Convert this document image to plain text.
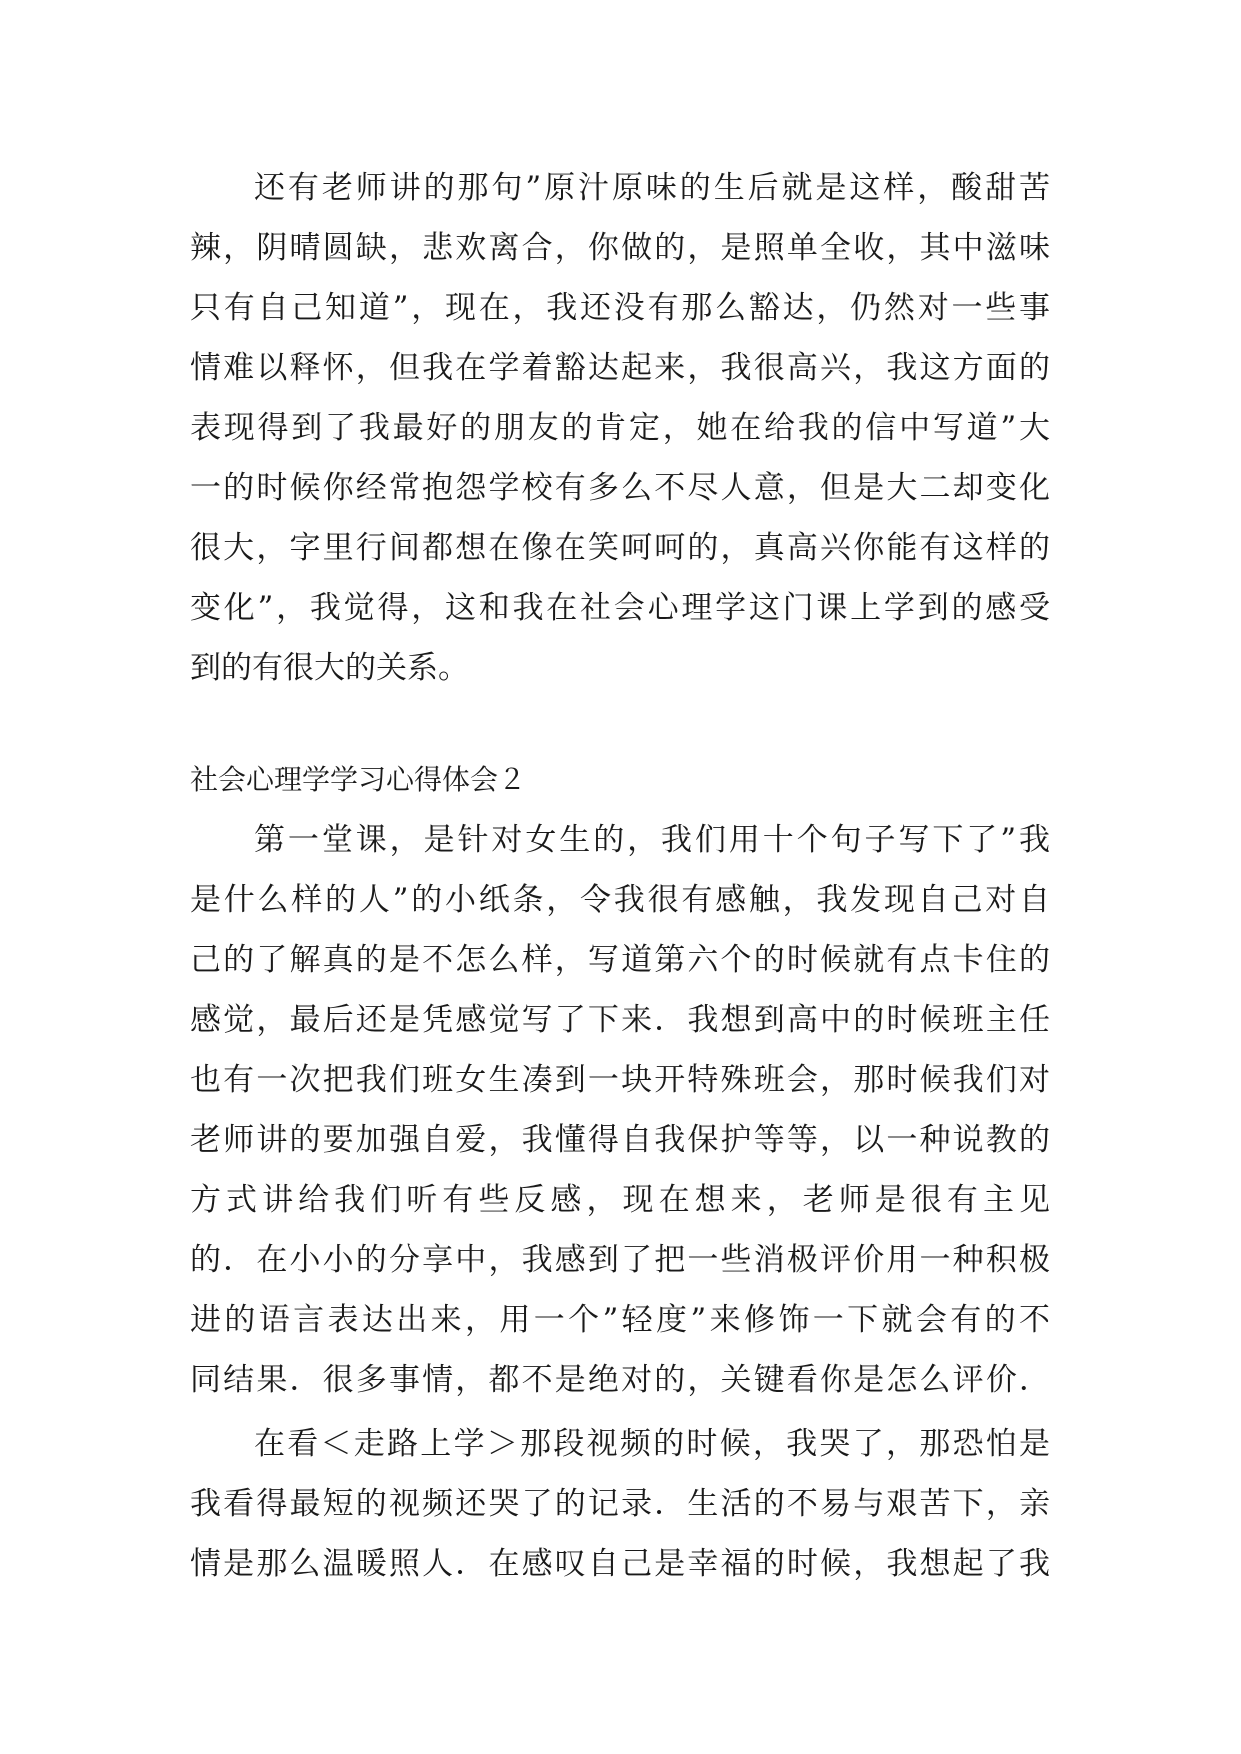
还有老师讲的那句”原汁原味的生后就是这样，酸甜苦
辣，阴晴圆缺，悲欢离合，你做的，是照单全收，其中滋味
只有自己知道”，现在，我还没有那么豁达，仍然对一些事
情难以释怀，但我在学着豁达起来，我很高兴，我这方面的
表现得到了我最好的朋友的肯定，她在给我的信中写道”大
一的时候你经常抱怨学校有多么不尽人意，但是大二却变化
很大，字里行间都想在像在笑呵呵的，真高兴你能有这样的
变化”，我觉得，这和我在社会心理学这门课上学到的感受
到的有很大的关系。
社会心理学学习心得体会２
第一堂课，是针对女生的，我们用十个句子写下了”我
是什么样的人”的小纸条，令我很有感触，我发现自己对自
己的了解真的是不怎么样，写道第六个的时候就有点卡住的
感觉，最后还是凭感觉写了下来．我想到高中的时候班主任
也有一次把我们班女生凑到一块开特殊班会，那时候我们对
老师讲的要加强自爱，我懂得自我保护等等，以一种说教的
方式讲给我们听有些反感，现在想来，老师是很有主见
的．在小小的分享中，我感到了把一些消极评价用一种积极
进的语言表达出来，用一个”轻度”来修饰一下就会有的不
同结果．很多事情，都不是绝对的，关键看你是怎么评价．
在看＜走路上学＞那段视频的时候，我哭了，那恐怕是
我看得最短的视频还哭了的记录．生活的不易与艰苦下，亲
情是那么温暖照人．在感叹自己是幸福的时候，我想起了我
